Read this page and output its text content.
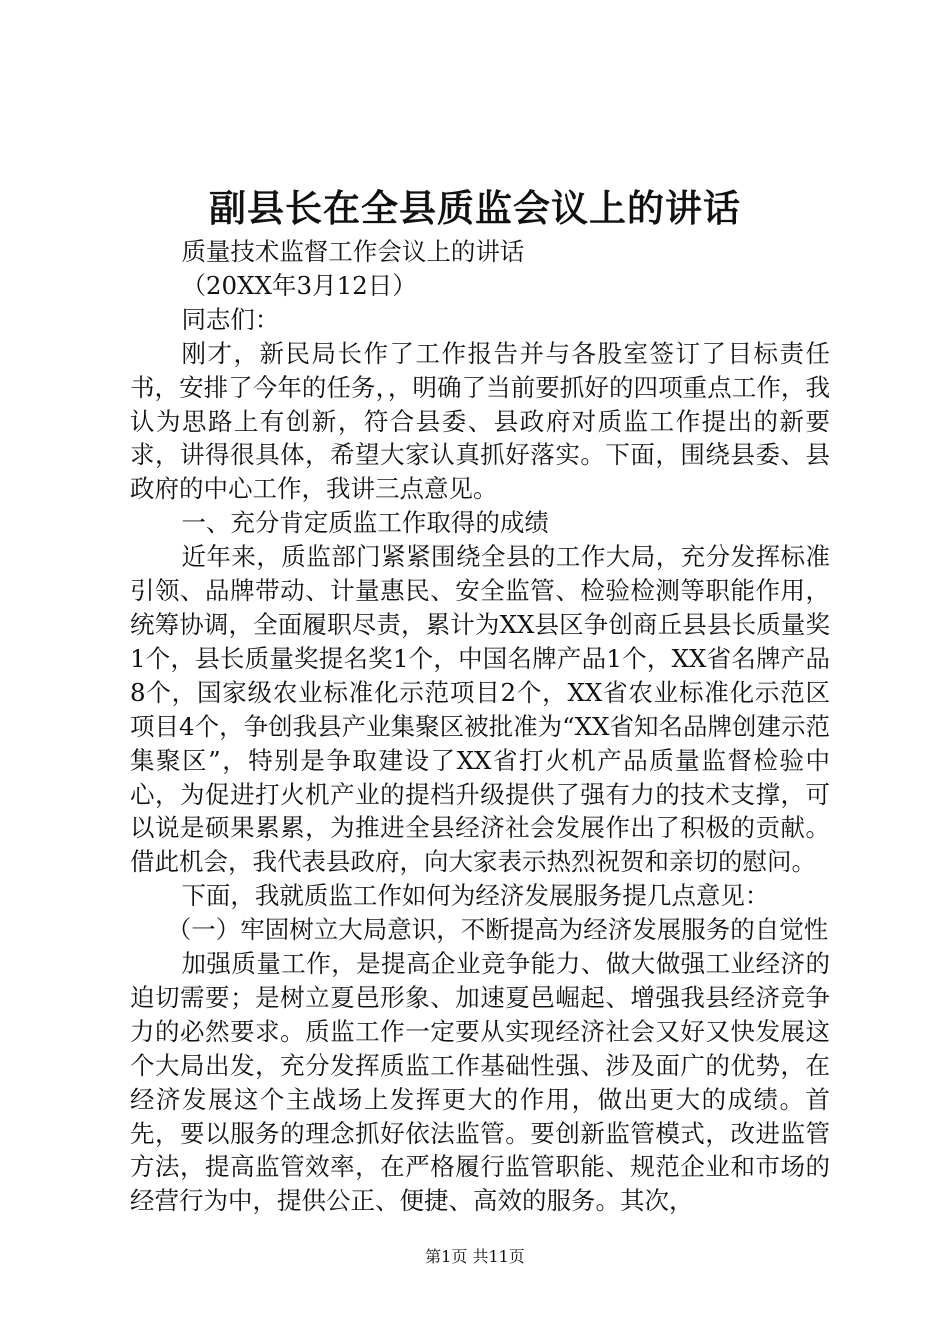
副县长在全县质监会议上的讲话

质量技术监督工作会议上的讲话

（20XX年3月12日）

同志们：

刚才，新民局长作了工作报告并与各股室签订了目标责任书，安排了今年的任务，，明确了当前要抓好的四项重点工作，我认为思路上有创新，符合县委、县政府对质监工作提出的新要求，讲得很具体，希望大家认真抓好落实。下面，围绕县委、县政府的中心工作，我讲三点意见。

一、充分肯定质监工作取得的成绩

近年来，质监部门紧紧围绕全县的工作大局，充分发挥标准引领、品牌带动、计量惠民、安全监管、检验检测等职能作用，统筹协调，全面履职尽责，累计为XX县区争创商丘县县长质量奖1个，县长质量奖提名奖1个，中国名牌产品1个，XX省名牌产品8个，国家级农业标准化示范项目2个，XX省农业标准化示范区项目4个，争创我县产业集聚区被批准为“XX省知名品牌创建示范集聚区”，特别是争取建设了XX省打火机产品质量监督检验中心，为促进打火机产业的提档升级提供了强有力的技术支撑，可以说是硕果累累，为推进全县经济社会发展作出了积极的贡献。借此机会，我代表县政府，向大家表示热烈祝贺和亲切的慰问。

下面，我就质监工作如何为经济发展服务提几点意见：

（一）牢固树立大局意识，不断提高为经济发展服务的自觉性

加强质量工作，是提高企业竞争能力、做大做强工业经济的迫切需要；是树立夏邑形象、加速夏邑崛起、增强我县经济竞争力的必然要求。质监工作一定要从实现经济社会又好又快发展这个大局出发，充分发挥质监工作基础性强、涉及面广的优势，在经济发展这个主战场上发挥更大的作用，做出更大的成绩。首先，要以服务的理念抓好依法监管。要创新监管模式，改进监管方法，提高监管效率，在严格履行监管职能、规范企业和市场的经营行为中，提供公正、便捷、高效的服务。其次，

第1页 共11页
